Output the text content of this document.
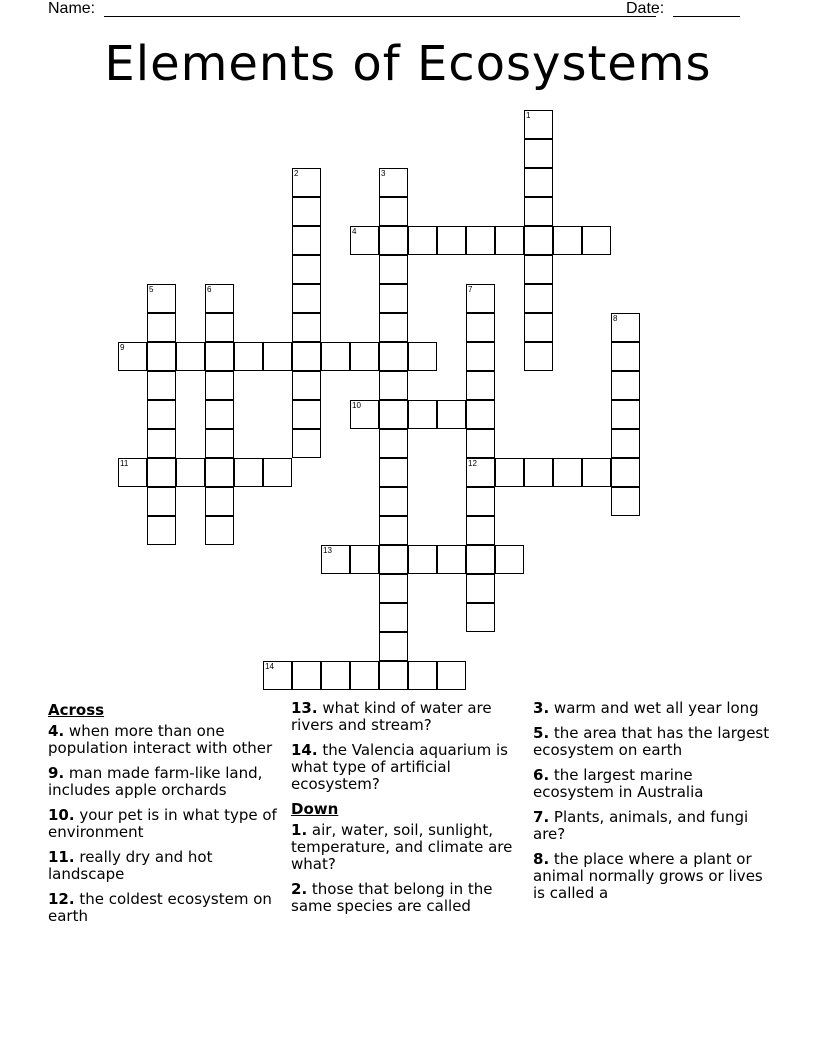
Name:	Date:
Elements of Ecosystems
1
2	3
4
5	6	7
12
8
9
10
11
13
14
Across
4. when more than one population interact with other
9. man made farm-like land, includes apple orchards
10. your pet is in what type of environment
11. really dry and hot landscape
12. the coldest ecosystem on earth
13. what kind of water are rivers and stream?
14. the Valencia aquarium is what type of artificial ecosystem?
Down
1. air, water, soil, sunlight, temperature, and climate are what?
2. those that belong in the same species are called
3. warm and wet all year long
5. the area that has the largest ecosystem on earth
6. the largest marine ecosystem in Australia
7. Plants, animals, and fungi are?
8. the place where a plant or animal normally grows or lives is called a
